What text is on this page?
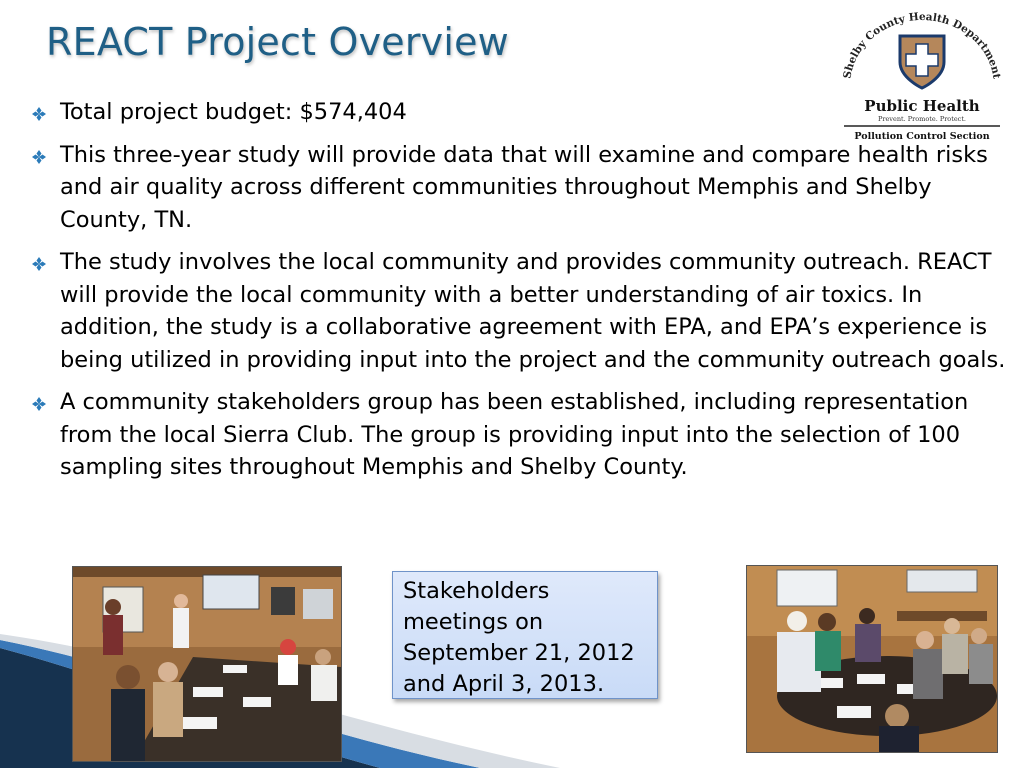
REACT Project Overview
Shelby County Health Department
Public Health
Prevent. Promote. Protect.
Pollution Control Section
Total project budget: $574,404
This three-year study will provide data that will examine and compare health risks and air quality across different communities throughout Memphis and Shelby County, TN.
The study involves the local community and provides community outreach. REACT will provide the local community with a better understanding of air toxics. In addition, the study is a collaborative agreement with EPA, and EPA’s experience is being utilized in providing input into the project and the community outreach goals.
A community stakeholders group has been established, including representation from the local Sierra Club. The group is providing input into the selection of 100 sampling sites throughout Memphis and Shelby County.
Stakeholders meetings on September 21, 2012 and April 3, 2013.
